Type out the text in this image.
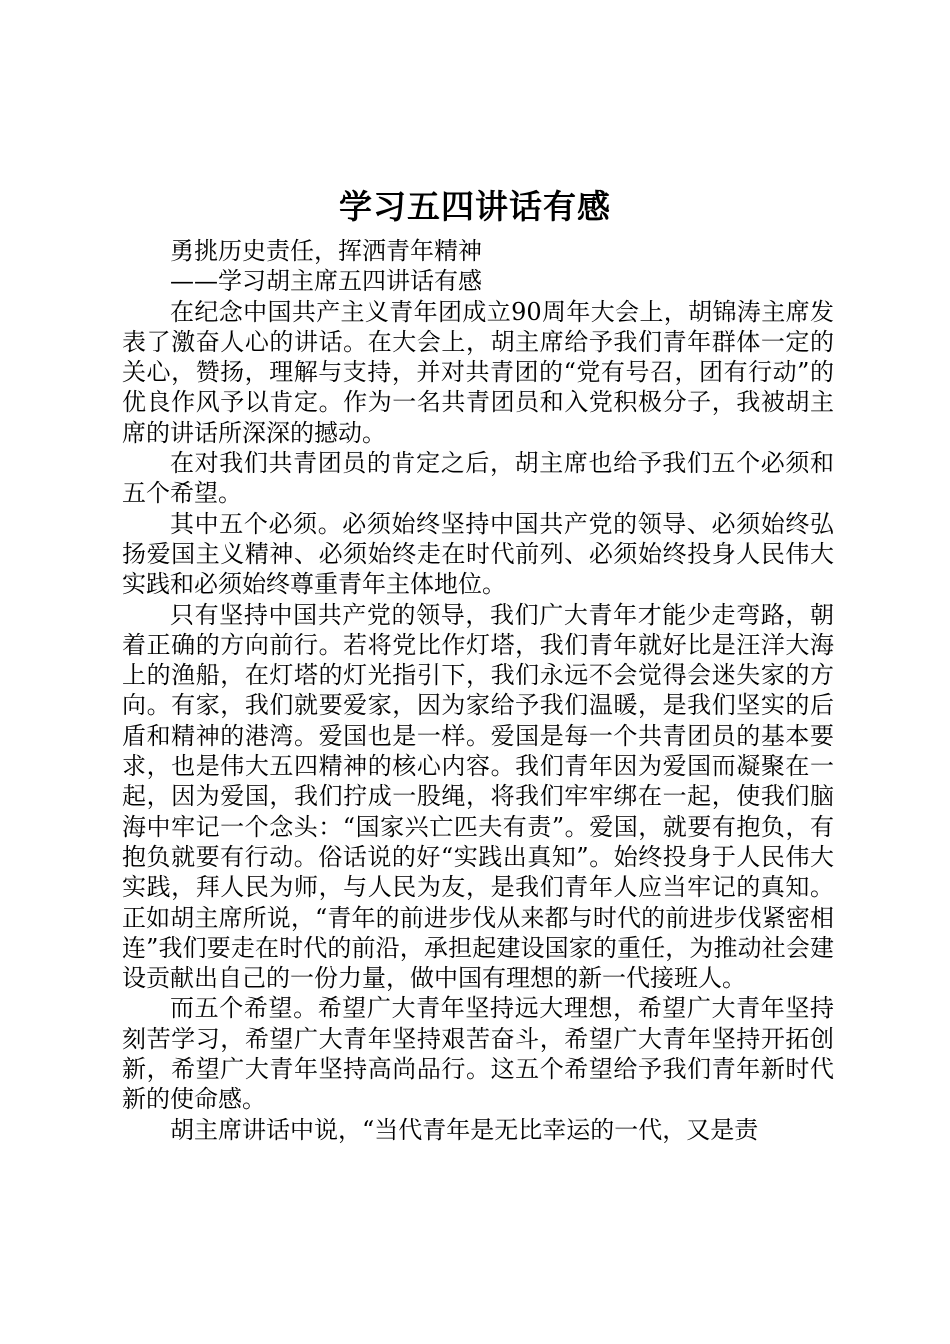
学习五四讲话有感

勇挑历史责任，挥洒青年精神

——学习胡主席五四讲话有感

在纪念中国共产主义青年团成立90周年大会上，胡锦涛主席发表了激奋人心的讲话。在大会上，胡主席给予我们青年群体一定的关心，赞扬，理解与支持，并对共青团的“党有号召，团有行动”的优良作风予以肯定。作为一名共青团员和入党积极分子，我被胡主席的讲话所深深的撼动。

在对我们共青团员的肯定之后，胡主席也给予我们五个必须和五个希望。

其中五个必须。必须始终坚持中国共产党的领导、必须始终弘扬爱国主义精神、必须始终走在时代前列、必须始终投身人民伟大实践和必须始终尊重青年主体地位。

只有坚持中国共产党的领导，我们广大青年才能少走弯路，朝着正确的方向前行。若将党比作灯塔，我们青年就好比是汪洋大海上的渔船，在灯塔的灯光指引下，我们永远不会觉得会迷失家的方向。有家，我们就要爱家，因为家给予我们温暖，是我们坚实的后盾和精神的港湾。爱国也是一样。爱国是每一个共青团员的基本要求，也是伟大五四精神的核心内容。我们青年因为爱国而凝聚在一起，因为爱国，我们拧成一股绳，将我们牢牢绑在一起，使我们脑海中牢记一个念头：“国家兴亡匹夫有责”。爱国，就要有抱负，有抱负就要有行动。俗话说的好“实践出真知”。始终投身于人民伟大实践，拜人民为师，与人民为友，是我们青年人应当牢记的真知。正如胡主席所说，“青年的前进步伐从来都与时代的前进步伐紧密相连”我们要走在时代的前沿，承担起建设国家的重任，为推动社会建设贡献出自己的一份力量，做中国有理想的新一代接班人。

而五个希望。希望广大青年坚持远大理想，希望广大青年坚持刻苦学习，希望广大青年坚持艰苦奋斗，希望广大青年坚持开拓创新，希望广大青年坚持高尚品行。这五个希望给予我们青年新时代新的使命感。

胡主席讲话中说，“当代青年是无比幸运的一代，又是责
